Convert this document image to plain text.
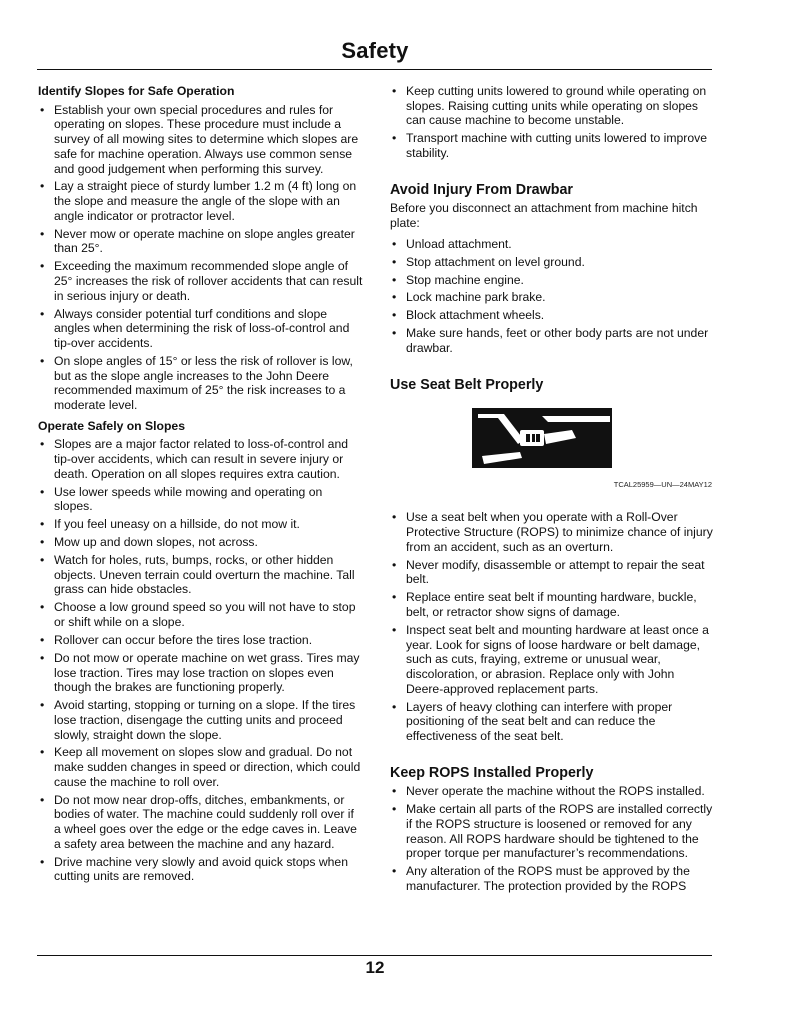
Safety
Identify Slopes for Safe Operation
• Establish your own special procedures and rules for operating on slopes. These procedure must include a survey of all mowing sites to determine which slopes are safe for machine operation. Always use common sense and good judgement when performing this survey.
• Lay a straight piece of sturdy lumber 1.2 m (4 ft) long on the slope and measure the angle of the slope with an angle indicator or protractor level.
• Never mow or operate machine on slope angles greater than 25°.
• Exceeding the maximum recommended slope angle of 25° increases the risk of rollover accidents that can result in serious injury or death.
• Always consider potential turf conditions and slope angles when determining the risk of loss-of-control and tip-over accidents.
• On slope angles of 15° or less the risk of rollover is low, but as the slope angle increases to the John Deere recommended maximum of 25° the risk increases to a moderate level.
Operate Safely on Slopes
• Slopes are a major factor related to loss-of-control and tip-over accidents, which can result in severe injury or death. Operation on all slopes requires extra caution.
• Use lower speeds while mowing and operating on slopes.
• If you feel uneasy on a hillside, do not mow it.
• Mow up and down slopes, not across.
• Watch for holes, ruts, bumps, rocks, or other hidden objects. Uneven terrain could overturn the machine. Tall grass can hide obstacles.
• Choose a low ground speed so you will not have to stop or shift while on a slope.
• Rollover can occur before the tires lose traction.
• Do not mow or operate machine on wet grass. Tires may lose traction. Tires may lose traction on slopes even though the brakes are functioning properly.
• Avoid starting, stopping or turning on a slope. If the tires lose traction, disengage the cutting units and proceed slowly, straight down the slope.
• Keep all movement on slopes slow and gradual. Do not make sudden changes in speed or direction, which could cause the machine to roll over.
• Do not mow near drop-offs, ditches, embankments, or bodies of water. The machine could suddenly roll over if a wheel goes over the edge or the edge caves in. Leave a safety area between the machine and any hazard.
• Drive machine very slowly and avoid quick stops when cutting units are removed.
• Keep cutting units lowered to ground while operating on slopes. Raising cutting units while operating on slopes can cause machine to become unstable.
• Transport machine with cutting units lowered to improve stability.
Avoid Injury From Drawbar
Before you disconnect an attachment from machine hitch plate:
• Unload attachment.
• Stop attachment on level ground.
• Stop machine engine.
• Lock machine park brake.
• Block attachment wheels.
• Make sure hands, feet or other body parts are not under drawbar.
Use Seat Belt Properly
TCAL25959—UN—24MAY12
• Use a seat belt when you operate with a Roll-Over Protective Structure (ROPS) to minimize chance of injury from an accident, such as an overturn.
• Never modify, disassemble or attempt to repair the seat belt.
• Replace entire seat belt if mounting hardware, buckle, belt, or retractor show signs of damage.
• Inspect seat belt and mounting hardware at least once a year. Look for signs of loose hardware or belt damage, such as cuts, fraying, extreme or unusual wear, discoloration, or abrasion. Replace only with John Deere-approved replacement parts.
• Layers of heavy clothing can interfere with proper positioning of the seat belt and can reduce the effectiveness of the seat belt.
Keep ROPS Installed Properly
• Never operate the machine without the ROPS installed.
• Make certain all parts of the ROPS are installed correctly if the ROPS structure is loosened or removed for any reason. All ROPS hardware should be tightened to the proper torque per manufacturer’s recommendations.
• Any alteration of the ROPS must be approved by the manufacturer. The protection provided by the ROPS
12
